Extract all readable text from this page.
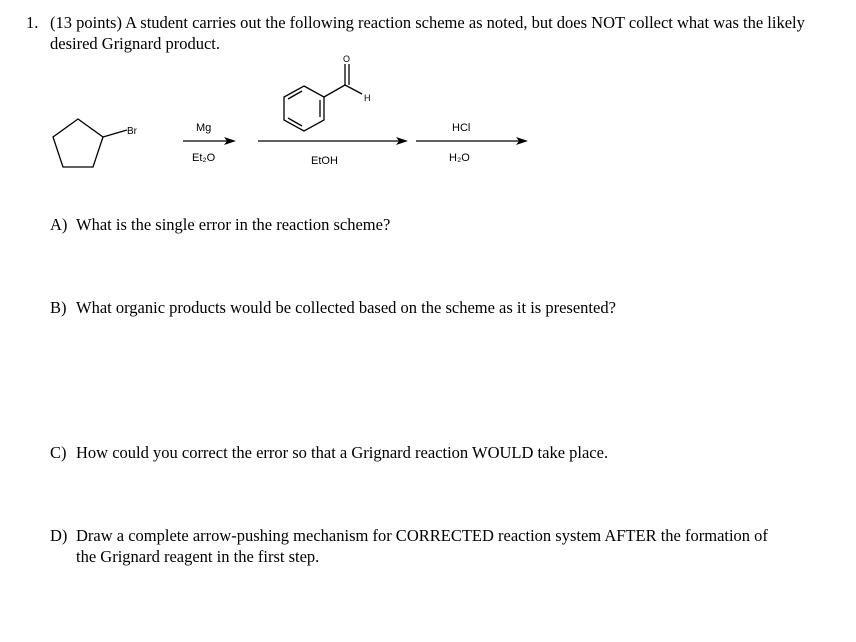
1. (13 points) A student carries out the following reaction scheme as noted, but does NOT collect what was the likely desired Grignard product.
Br	Mg
Et₂O
O
H
EtOH
HCl
H₂O
A) What is the single error in the reaction scheme?
B) What organic products would be collected based on the scheme as it is presented?
C) How could you correct the error so that a Grignard reaction WOULD take place.
D) Draw a complete arrow-pushing mechanism for CORRECTED reaction system AFTER the formation of
the Grignard reagent in the first step.
